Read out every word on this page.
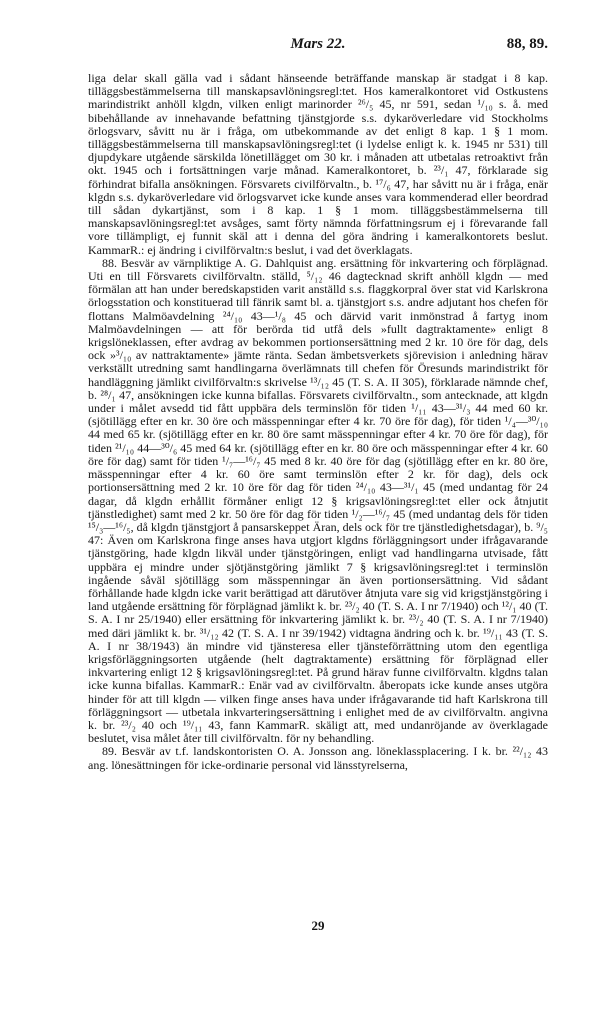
Mars 22.	88, 89.

liga delar skall gälla vad i sådant hänseende beträffande manskap är stadgat i 8 kap. tilläggsbestämmelserna till manskapsavlöningsregl:tet. Hos kameralkontoret vid Ostkustens marindistrikt anhöll klgdn, vilken enligt marinorder ²⁶/₅ 45, nr 591, sedan ¹/₁₀ s. å. med bibehållande av innehavande befattning tjänstgjorde s.s. dykaröverledare vid Stockholms örlogsvarv, såvitt nu är i fråga, om utbekommande av det enligt 8 kap. 1 § 1 mom. tilläggsbestämmelserna till manskapsavlöningsregl:tet (i lydelse enligt k. k. 1945 nr 531) till djupdykare utgående särskilda lönetillägget om 30 kr. i månaden att utbetalas retroaktivt från okt. 1945 och i fortsättningen varje månad. Kameralkontoret, b. ²³/₁ 47, förklarade sig förhindrat bifalla ansökningen. Försvarets civilförvaltn., b. ¹⁷/₆ 47, har såvitt nu är i fråga, enär klgdn s.s. dykaröverledare vid örlogsvarvet icke kunde anses vara kommenderad eller beordrad till sådan dykartjänst, som i 8 kap. 1 § 1 mom. tilläggsbestämmelserna till manskapsavlöningsregl:tet avsåges, samt förty nämnda författningsrum ej i förevarande fall vore tillämpligt, ej funnit skäl att i denna del göra ändring i kameralkontorets beslut. KammarR.: ej ändring i civilförvaltn:s beslut, i vad det överklagats.

88. Besvär av värnpliktige A. G. Dahlquist ang. ersättning för inkvartering och förplägnad. Uti en till Försvarets civilförvaltn. ställd, ⁵/₁₂ 46 dagtecknad skrift anhöll klgdn — med förmälan att han under beredskapstiden varit anställd s.s. flaggkorpral över stat vid Karlskrona örlogsstation och konstituerad till fänrik samt bl. a. tjänstgjort s.s. andre adjutant hos chefen för flottans Malmöavdelning ²⁴/₁₀ 43—¹/₈ 45 och därvid varit inmönstrad å fartyg inom Malmöavdelningen — att för berörda tid utfå dels »fullt dagtraktamente» enligt 8 krigslöneklassen, efter avdrag av bekommen portionsersättning med 2 kr. 10 öre för dag, dels ock »³/₁₀ av nattraktamente» jämte ränta. Sedan ämbetsverkets sjörevision i anledning härav verkställt utredning samt handlingarna överlämnats till chefen för Öresunds marindistrikt för handläggning jämlikt civilförvaltn:s skrivelse ¹³/₁₂ 45 (T. S. A. II 305), förklarade nämnde chef, b. ²⁸/₁ 47, ansökningen icke kunna bifallas. Försvarets civilförvaltn., som antecknade, att klgdn under i målet avsedd tid fått uppbära dels terminslön för tiden ¹/₁₁ 43—³¹/₃ 44 med 60 kr. (sjötillägg efter en kr. 30 öre och mässpenningar efter 4 kr. 70 öre för dag), för tiden ¹/₄—³⁰/₁₀ 44 med 65 kr. (sjötillägg efter en kr. 80 öre samt mässpenningar efter 4 kr. 70 öre för dag), för tiden ²¹/₁₀ 44—³⁰/₆ 45 med 64 kr. (sjötillägg efter en kr. 80 öre och mässpenningar efter 4 kr. 60 öre för dag) samt för tiden ¹/₇—¹⁶/₇ 45 med 8 kr. 40 öre för dag (sjötillägg efter en kr. 80 öre, mässpenningar efter 4 kr. 60 öre samt terminslön efter 2 kr. för dag), dels ock portionsersättning med 2 kr. 10 öre för dag för tiden ²⁴/₁₀ 43—³¹/₁ 45 (med undantag för 24 dagar, då klgdn erhållit förmåner enligt 12 § krigsavlöningsregl:tet eller ock åtnjutit tjänstledighet) samt med 2 kr. 50 öre för dag för tiden ¹/₂—¹⁶/₇ 45 (med undantag dels för tiden ¹⁵/₃—¹⁶/₅, då klgdn tjänstgjort å pansarskeppet Äran, dels ock för tre tjänstledighetsdagar), b. ⁹/₅ 47: Även om Karlskrona finge anses hava utgjort klgdns förläggningsort under ifrågavarande tjänstgöring, hade klgdn likväl under tjänstgöringen, enligt vad handlingarna utvisade, fått uppbära ej mindre under sjötjänstgöring jämlikt 7 § krigsavlöningsregl:tet i terminslön ingående såväl sjötillägg som mässpenningar än även portionsersättning. Vid sådant förhållande hade klgdn icke varit berättigad att därutöver åtnjuta vare sig vid krigstjänstgöring i land utgående ersättning för förplägnad jämlikt k. br. ²³/₂ 40 (T. S. A. I nr 7/1940) och ¹²/₁ 40 (T. S. A. I nr 25/1940) eller ersättning för inkvartering jämlikt k. br. ²³/₂ 40 (T. S. A. I nr 7/1940) med däri jämlikt k. br. ³¹/₁₂ 42 (T. S. A. I nr 39/1942) vidtagna ändring och k. br. ¹⁹/₁₁ 43 (T. S. A. I nr 38/1943) än mindre vid tjänsteresa eller tjänsteförrättning utom den egentliga krigsförläggningsorten utgående (helt dagtraktamente) ersättning för förplägnad eller inkvartering enligt 12 § krigsavlöningsregl:tet. På grund härav funne civilförvaltn. klgdns talan icke kunna bifallas. KammarR.: Enär vad av civilförvaltn. åberopats icke kunde anses utgöra hinder för att till klgdn — vilken finge anses hava under ifrågavarande tid haft Karlskrona till förläggningsort — utbetala inkvarteringsersättning i enlighet med de av civilförvaltn. angivna k. br. ²³/₂ 40 och ¹⁹/₁₁ 43, fann KammarR. skäligt att, med undanröjande av överklagade beslutet, visa målet åter till civilförvaltn. för ny behandling.

89. Besvär av t.f. landskontoristen O. A. Jonsson ang. löneklassplacering. I k. br. ²²/₁₂ 43 ang. lönesättningen för icke-ordinarie personal vid länsstyrelserna,

29
